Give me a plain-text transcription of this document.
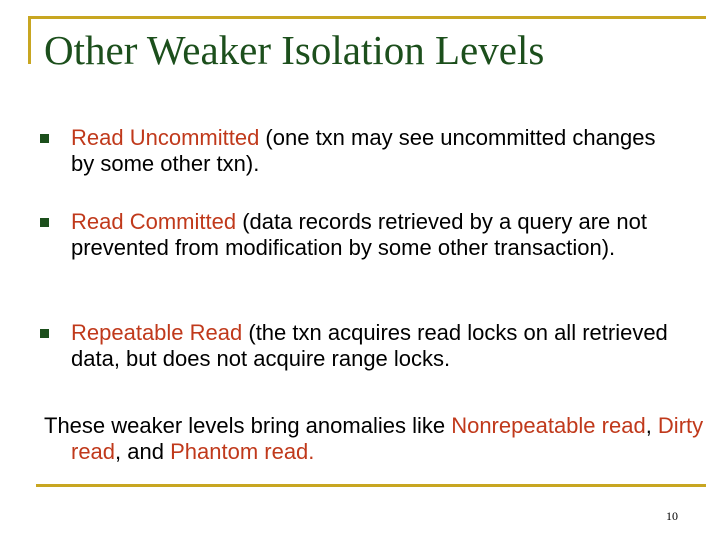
Other Weaker Isolation Levels
Read Uncommitted (one txn may see uncommitted changes by some other txn).
Read Committed (data records retrieved by a query are not prevented from modification by some other transaction).
Repeatable Read (the txn acquires read locks on all retrieved data, but does not acquire range locks.
These weaker levels bring anomalies like Nonrepeatable read, Dirty read, and Phantom read.
10
